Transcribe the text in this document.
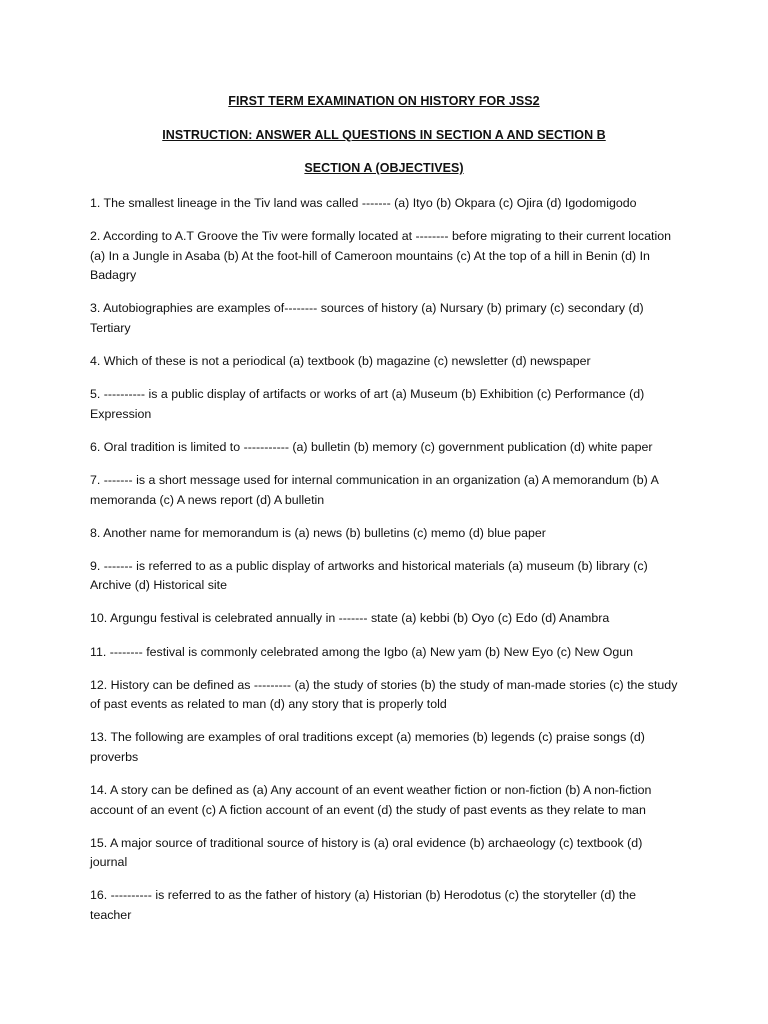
FIRST TERM EXAMINATION ON HISTORY FOR JSS2
INSTRUCTION: ANSWER ALL QUESTIONS IN SECTION A AND SECTION B
SECTION A (OBJECTIVES)

1. The smallest lineage in the Tiv land was called ------- (a) Ityo (b) Okpara (c) Ojira (d) Igodomigodo

2. According to A.T Groove the Tiv were formally located at -------- before migrating to their current location (a) In a Jungle in Asaba (b) At the foot-hill of Cameroon mountains (c) At the top of a hill in Benin (d) In Badagry

3. Autobiographies are examples of-------- sources of history (a) Nursary (b) primary (c) secondary (d) Tertiary

4. Which of these is not a periodical (a) textbook (b) magazine (c) newsletter (d) newspaper

5. ---------- is a public display of artifacts or works of art (a) Museum (b) Exhibition (c) Performance (d) Expression

6. Oral tradition is limited to ----------- (a) bulletin (b) memory (c) government publication (d) white paper

7. ------- is a short message used for internal communication in an organization (a) A memorandum (b) A memoranda (c) A news report (d) A bulletin

8. Another name for memorandum is (a) news (b) bulletins (c) memo (d) blue paper

9. ------- is referred to as a public display of artworks and historical materials (a) museum (b) library (c) Archive (d) Historical site

10. Argungu festival is celebrated annually in ------- state (a) kebbi (b) Oyo (c) Edo (d) Anambra

11. -------- festival is commonly celebrated among the Igbo (a) New yam (b) New Eyo (c) New Ogun

12. History can be defined as --------- (a) the study of stories (b) the study of man-made stories (c) the study of past events as related to man (d) any story that is properly told

13. The following are examples of oral traditions except (a) memories (b) legends (c) praise songs (d) proverbs

14. A story can be defined as (a) Any account of an event weather fiction or non-fiction (b) A non-fiction account of an event (c) A fiction account of an event (d) the study of past events as they relate to man

15. A major source of traditional source of history is (a) oral evidence (b) archaeology (c) textbook (d) journal

16. ---------- is referred to as the father of history (a) Historian (b) Herodotus (c) the storyteller (d) the teacher
